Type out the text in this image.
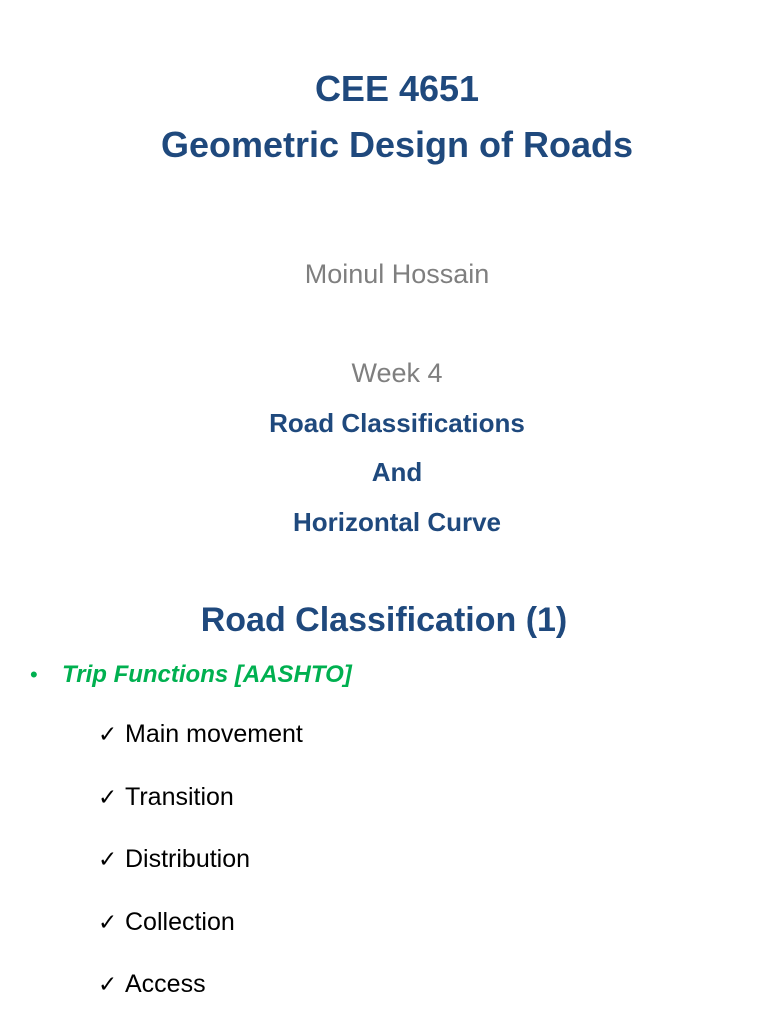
CEE 4651
Geometric Design of Roads
Moinul Hossain
Week 4
Road Classifications
And
Horizontal Curve
Road Classification (1)
•	Trip Functions [AASHTO]
✓ Main movement
✓ Transition
✓ Distribution
✓ Collection
✓ Access
